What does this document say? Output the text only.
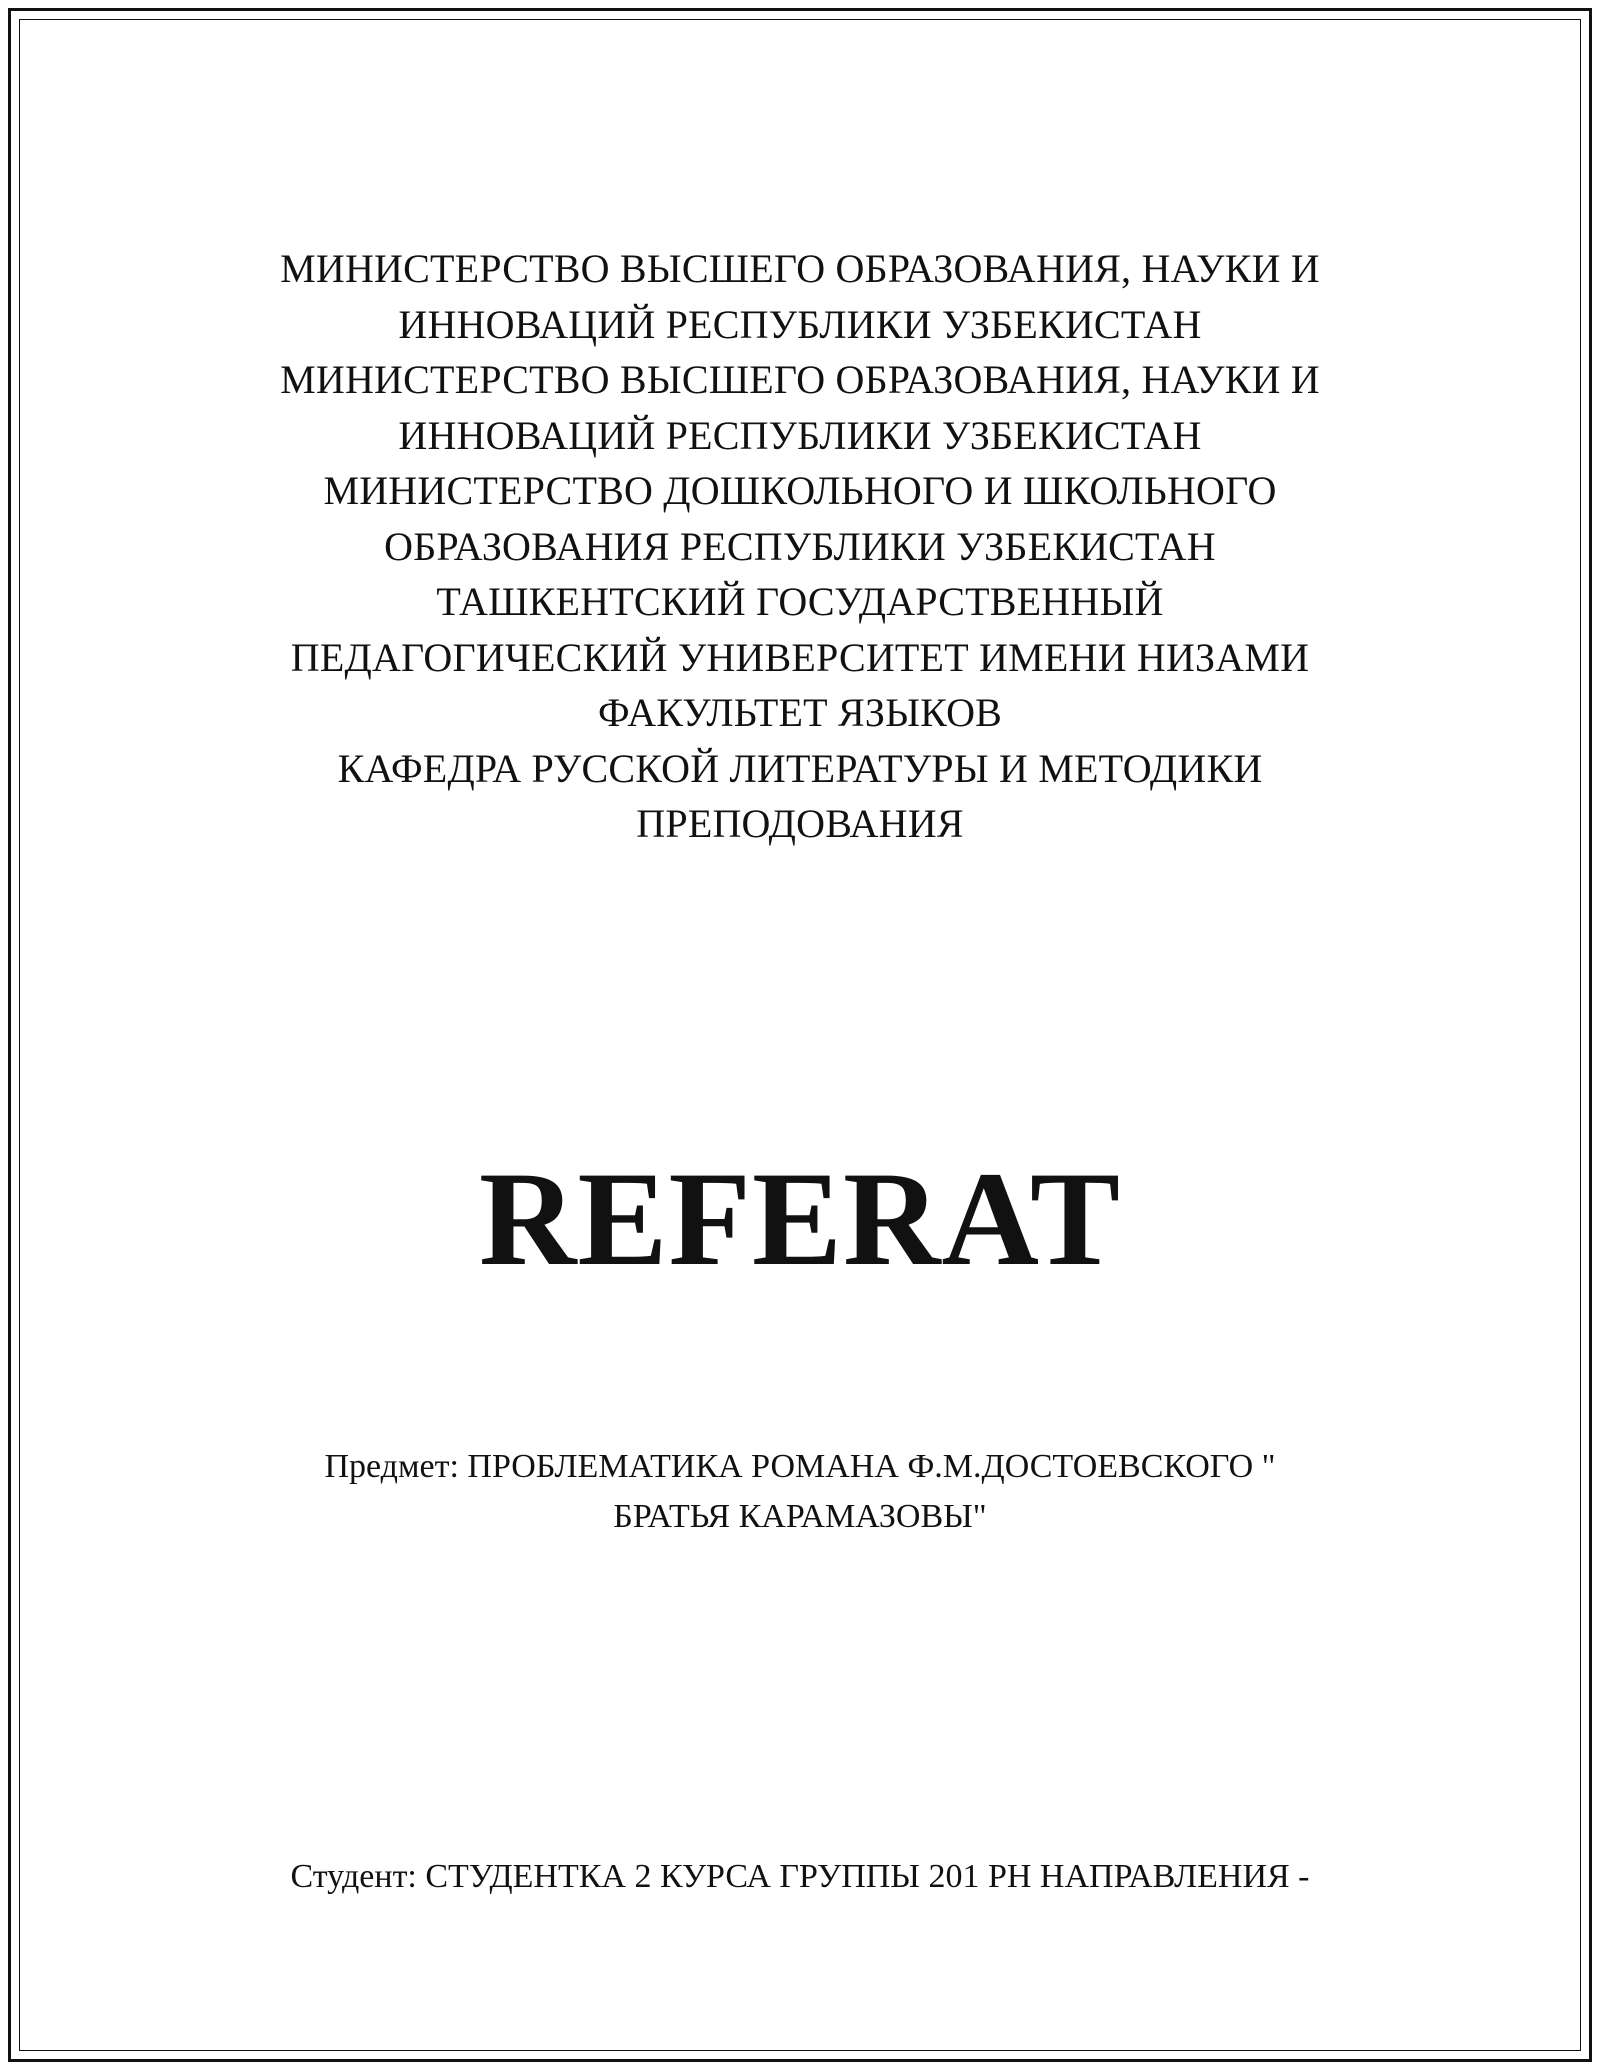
МИНИСТЕРСТВО ВЫСШЕГО ОБРАЗОВАНИЯ, НАУКИ И
ИННОВАЦИЙ РЕСПУБЛИКИ УЗБЕКИСТАН
МИНИСТЕРСТВО ВЫСШЕГО ОБРАЗОВАНИЯ, НАУКИ И
ИННОВАЦИЙ РЕСПУБЛИКИ УЗБЕКИСТАН
МИНИСТЕРСТВО ДОШКОЛЬНОГО И ШКОЛЬНОГО
ОБРАЗОВАНИЯ РЕСПУБЛИКИ УЗБЕКИСТАН
ТАШКЕНТСКИЙ ГОСУДАРСТВЕННЫЙ
ПЕДАГОГИЧЕСКИЙ УНИВЕРСИТЕТ ИМЕНИ НИЗАМИ
ФАКУЛЬТЕТ ЯЗЫКОВ
КАФЕДРА РУССКОЙ ЛИТЕРАТУРЫ И МЕТОДИКИ
ПРЕПОДОВАНИЯ
REFERAT
Предмет: ПРОБЛЕМАТИКА РОМАНА Ф.М.ДОСТОЕВСКОГО "
БРАТЬЯ КАРАМАЗОВЫ"
Студент: СТУДЕНТКА 2 КУРСА ГРУППЫ 201 PH НАПРАВЛЕНИЯ -
